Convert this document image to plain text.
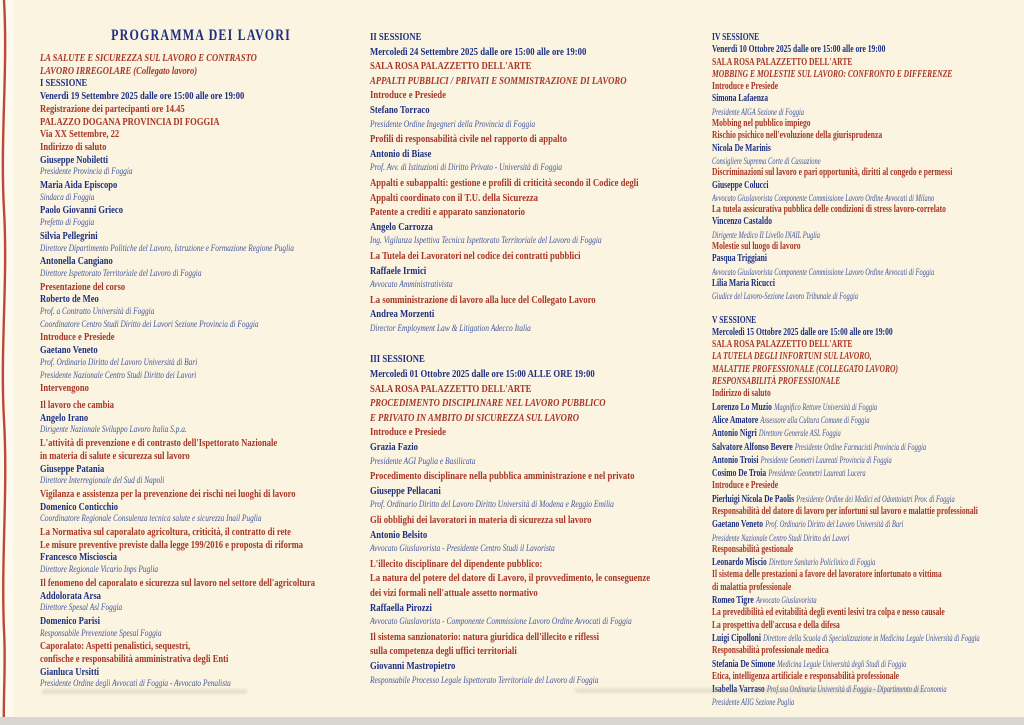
PROGRAMMA DEI LAVORI
LA SALUTE E SICUREZZA SUL LAVORO E CONTRASTO
LAVORO IRREGOLARE (Collegato lavoro)
I SESSIONE
Venerdì 19 Settembre 2025 dalle ore 15:00 alle ore 19:00
Registrazione dei partecipanti ore 14.45
PALAZZO DOGANA PROVINCIA DI FOGGIA
Via XX Settembre, 22
Indirizzo di saluto
Giuseppe Nobiletti
Presidente Provincia di Foggia
Maria Aida Episcopo
Sindaca di Foggia
Paolo Giovanni Grieco
Prefetto di Foggia
Silvia Pellegrini
Direttore Dipartimento Politiche del Lavoro, Istruzione e Formazione Regione Puglia
Antonella Cangiano
Direttore Ispettorato Territoriale del Lavoro di Foggia
Presentazione del corso
Roberto de Meo
Prof. a Contratto Università di Foggia
Coordinatore Centro Studi Diritto dei Lavori Sezione Provincia di Foggia
Introduce e Presiede
Gaetano Veneto
Prof. Ordinario Diritto del Lavoro Università di Bari
Presidente Nazionale Centro Studi Diritto dei Lavori
Intervengono
Il lavoro che cambia
Angelo Irano
Dirigente Nazionale Sviluppo Lavoro Italia S.p.a.
L'attività di prevenzione e di contrasto dell'Ispettorato Nazionale
in materia di salute e sicurezza sul lavoro
Giuseppe Patania
Direttore Interregionale del Sud di Napoli
Vigilanza e assistenza per la prevenzione dei rischi nei luoghi di lavoro
Domenico Conticchio
Coordinatore Regionale Consulenza tecnica salute e sicurezza Inail Puglia
La Normativa sul caporalato agricoltura, criticità, il contratto di rete
Le misure preventive previste dalla legge 199/2016 e proposta di riforma
Francesco Miscioscia
Direttore Regionale Vicario Inps Puglia
Il fenomeno del caporalato e sicurezza sul lavoro nel settore dell'agricoltura
Addolorata Arsa
Direttore Spesal Asl Foggia
Domenico Parisi
Responsabile Prevenzione Spesal Foggia
Caporalato: Aspetti penalistici, sequestri,
confische e responsabilità amministrativa degli Enti
Gianluca Ursitti
Presidente Ordine degli Avvocati di Foggia - Avvocato Penalista
II SESSIONE
Mercoledì 24 Settembre 2025 dalle ore 15:00 alle ore 19:00
SALA ROSA PALAZZETTO DELL'ARTE
APPALTI PUBBLICI / PRIVATI E SOMMISTRAZIONE DI LAVORO
Introduce e Presiede
Stefano Torraco
Presidente Ordine Ingegneri della Provincia di Foggia
Profili di responsabilità civile nel rapporto di appalto
Antonio di Biase
Prof. Avv. di Istituzioni di Diritto Privato - Università di Foggia
Appalti e subappalti: gestione e profili di criticità secondo il Codice degli
Appalti coordinato con il T.U. della Sicurezza
Patente a crediti e apparato sanzionatorio
Angelo Carrozza
Ing. Vigilanza Ispettiva Tecnica Ispettorato Territoriale del Lavoro di Foggia
La Tutela dei Lavoratori nel codice dei contratti pubblici
Raffaele Irmici
Avvocato Amministrativista
La somministrazione di lavoro alla luce del Collegato Lavoro
Andrea Morzenti
Director Employment Law & Litigation Adecco Italia
III SESSIONE
Mercoledì 01 Ottobre 2025 dalle ore 15:00 ALLE ORE 19:00
SALA ROSA PALAZZETTO DELL'ARTE
PROCEDIMENTO DISCIPLINARE NEL LAVORO PUBBLICO
E PRIVATO IN AMBITO DI SICUREZZA SUL LAVORO
Introduce e Presiede
Grazia Fazio
Presidente AGI Puglia e Basilicata
Procedimento disciplinare nella pubblica amministrazione e nel privato
Giuseppe Pellacani
Prof. Ordinario Diritto del Lavoro Diritto Università di Modena e Reggio Emilia
Gli obblighi dei lavoratori in materia di sicurezza sul lavoro
Antonio Belsito
Avvocato Giuslavorista - Presidente Centro Studi il Lavorista
L'illecito disciplinare del dipendente pubblico:
La natura del potere del datore di Lavoro, il provvedimento, le conseguenze
dei vizi formali nell'attuale assetto normativo
Raffaella Pirozzi
Avvocato Giuslavorista - Componente Commissione Lavoro Ordine Avvocati di Foggia
Il sistema sanzionatorio: natura giuridica dell'illecito e riflessi
sulla competenza degli uffici territoriali
Giovanni Mastropietro
Responsabile Processo Legale Ispettorato Territoriale del Lavoro di Foggia
IV SESSIONE
Venerdì 10 Ottobre 2025 dalle ore 15:00 alle ore 19:00
SALA ROSA PALAZZETTO DELL'ARTE
MOBBING E MOLESTIE SUL LAVORO: CONFRONTO E DIFFERENZE
Introduce e Presiede
Simona Lafaenza
Presidente AIGA Sezione di Foggia
Mobbing nel pubblico impiego
Rischio psichico nell'evoluzione della giurisprudenza
Nicola De Marinis
Consigliere Suprema Corte di Cassazione
Discriminazioni sul lavoro e pari opportunità, diritti al congedo e permessi
Giuseppe Colucci
Avvocato Giuslavorista Componente Commissione Lavoro Ordine Avvocati di Milano
La tutela assicurativa pubblica delle condizioni di stress lavoro-correlato
Vincenzo Castaldo
Dirigente Medico II Livello INAIL Puglia
Molestie sul luogo di lavoro
Pasqua Triggiani
Avvocato Giuslavorista Componente Commissione Lavoro Ordine Avvocati di Foggia
Lilia Maria Ricucci
Giudice del Lavoro-Sezione Lavoro Tribunale di Foggia
V SESSIONE
Mercoledì 15 Ottobre 2025 dalle ore 15:00 alle ore 19:00
SALA ROSA PALAZZETTO DELL'ARTE
LA TUTELA DEGLI INFORTUNI SUL LAVORO,
MALATTIE PROFESSIONALE (COLLEGATO LAVORO)
RESPONSABILITÀ PROFESSIONALE
Indirizzo di saluto
Lorenzo Lo Muzio Magnifico Rettore Università di Foggia
Alice Amatore Assessore alla Cultura Comune di Foggia
Antonio Nigri Direttore Generale ASL Foggia
Salvatore Alfonso Bevere Presidente Ordine Farmacisti Provincia di Foggia
Antonio Troisi Presidente Geometri Laureati Provincia di Foggia
Cosimo De Troia Presidente Geometri Laureati Lucera
Introduce e Presiede
Pierluigi Nicola De Paolis Presidente Ordine dei Medici ed Odontoiatri Prov. di Foggia
Responsabilità del datore di lavoro per infortuni sul lavoro e malattie professionali
Gaetano Veneto Prof. Ordinario Diritto del Lavoro Università di Bari
Presidente Nazionale Centro Studi Diritto dei Lavori
Responsabilità gestionale
Leonardo Miscio Direttore Sanitario Policlinico di Foggia
Il sistema delle prestazioni a favore del lavoratore infortunato o vittima
di malattia professionale
Romeo Tigre Avvocato Giuslavorista
La prevedibilità ed evitabilità degli eventi lesivi tra colpa e nesso causale
La prospettiva dell'accusa e della difesa
Luigi Cipolloni Direttore della Scuola di Specializzazione in Medicina Legale Università di Foggia
Responsabilità professionale medica
Stefania De Simone Medicina Legale Università degli Studi di Foggia
Etica, intelligenza artificiale e responsabilità professionale
Isabella Varraso Prof.ssa Ordinaria Università di Foggia - Dipartimento di Economia
Presidente AIIG Sezione Puglia
